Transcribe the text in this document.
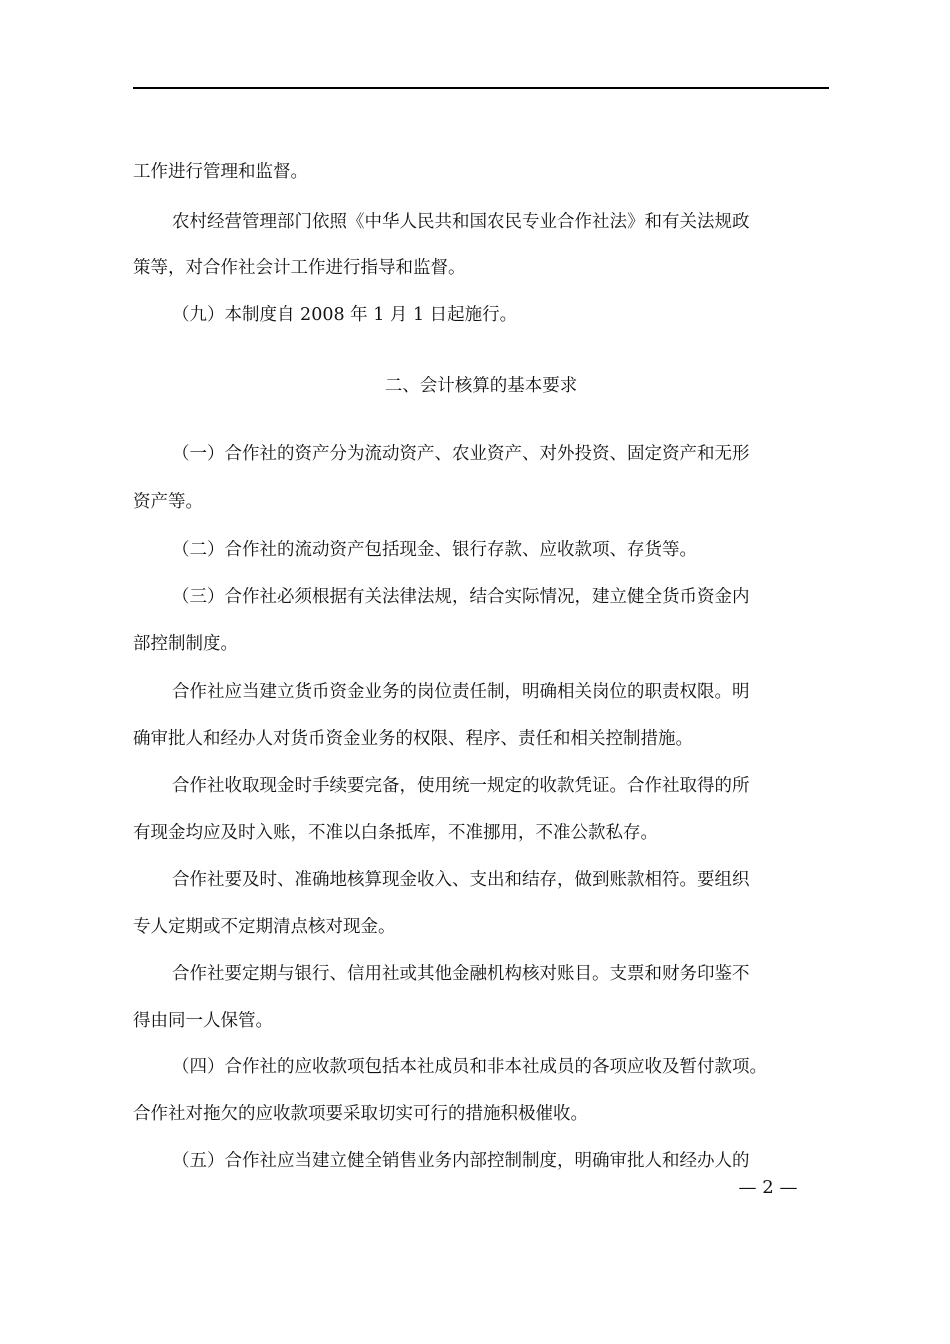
工作进行管理和监督。
农村经营管理部门依照《中华人民共和国农民专业合作社法》和有关法规政
策等，对合作社会计工作进行指导和监督。
（九）本制度自 2008 年 1 月 1 日起施行。
二、会计核算的基本要求
（一）合作社的资产分为流动资产、农业资产、对外投资、固定资产和无形
资产等。
（二）合作社的流动资产包括现金、银行存款、应收款项、存货等。
（三）合作社必须根据有关法律法规，结合实际情况，建立健全货币资金内
部控制制度。
合作社应当建立货币资金业务的岗位责任制，明确相关岗位的职责权限。明
确审批人和经办人对货币资金业务的权限、程序、责任和相关控制措施。
合作社收取现金时手续要完备，使用统一规定的收款凭证。合作社取得的所
有现金均应及时入账，不准以白条抵库，不准挪用，不准公款私存。
合作社要及时、准确地核算现金收入、支出和结存，做到账款相符。要组织
专人定期或不定期清点核对现金。
合作社要定期与银行、信用社或其他金融机构核对账目。支票和财务印鉴不
得由同一人保管。
（四）合作社的应收款项包括本社成员和非本社成员的各项应收及暂付款项。
合作社对拖欠的应收款项要采取切实可行的措施积极催收。
（五）合作社应当建立健全销售业务内部控制制度，明确审批人和经办人的
— 2 —
